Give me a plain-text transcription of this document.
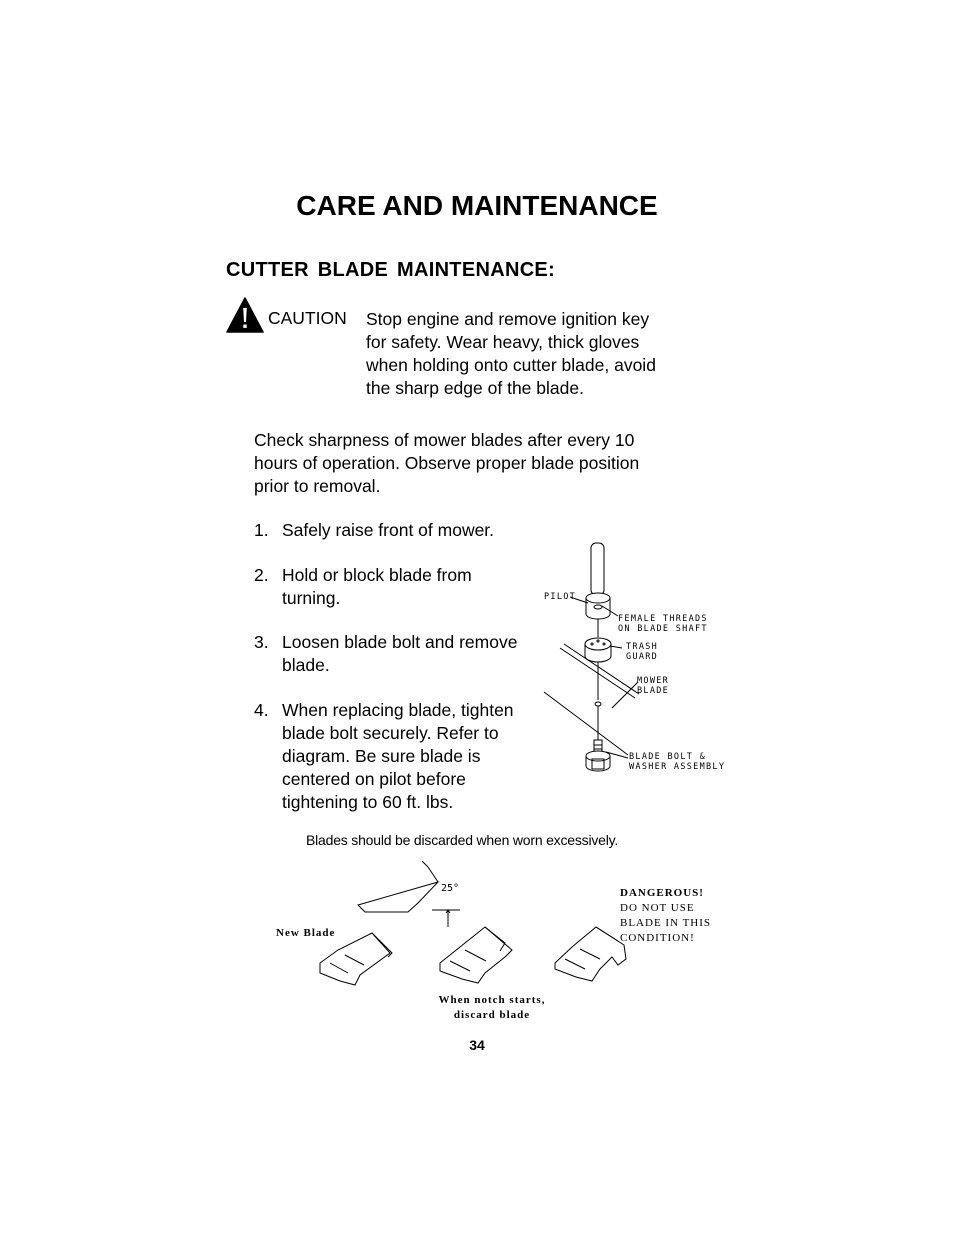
CARE AND MAINTENANCE
CUTTER BLADE MAINTENANCE:
CAUTION Stop engine and remove ignition key
for safety. Wear heavy, thick gloves
when holding onto cutter blade, avoid
the sharp edge of the blade.
Check sharpness of mower blades after every 10
hours of operation. Observe proper blade position
prior to removal.
1. Safely raise front of mower.
2. Hold or block blade from
turning.
3. Loosen blade bolt and remove
blade.
4. When replacing blade, tighten
blade bolt securely. Refer to
diagram. Be sure blade is
centered on pilot before
tightening to 60 ft. lbs.
PILOT
FEMALE THREADS
ON BLADE SHAFT
TRASH
GUARD
MOWER
BLADE
BLADE BOLT &
WASHER ASSEMBLY
Blades should be discarded when worn excessively.
25°
New Blade
DANGEROUS!
DO NOT USE
BLADE IN THIS
CONDITION!
When notch starts,
discard blade
34
